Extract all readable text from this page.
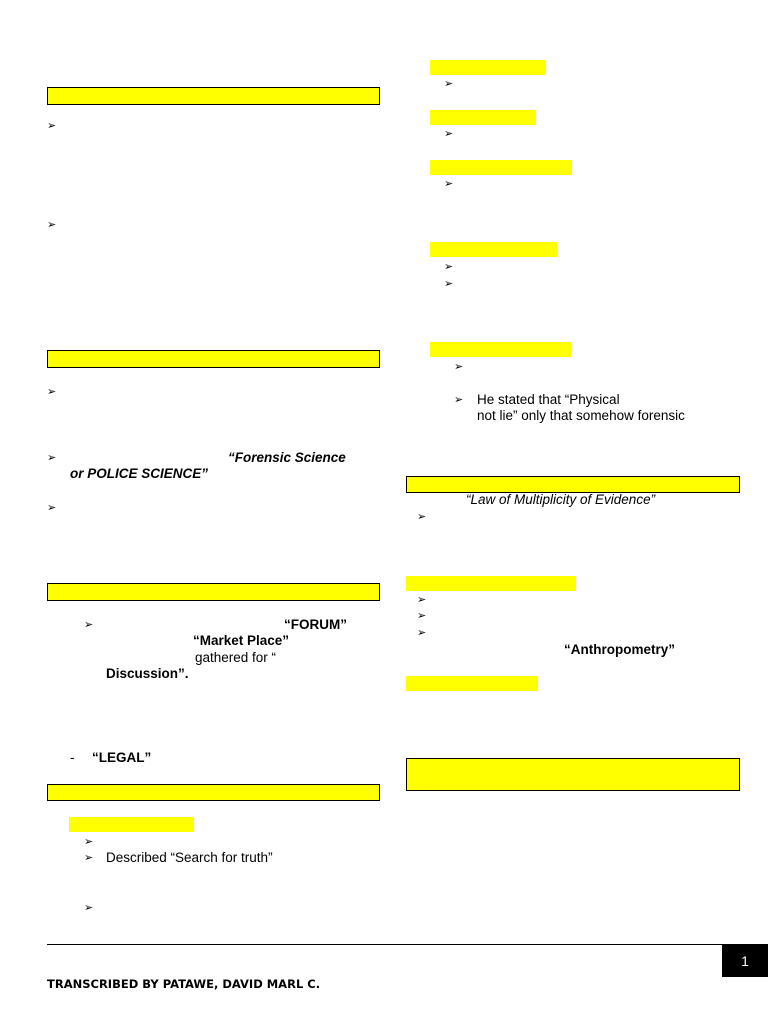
➢
➢
➢
➢	“Forensic Science
or POLICE SCIENCE”
➢
➢	“FORUM”
“Market Place”
gathered for “
Discussion”.
- “LEGAL”
➢
➢ Described “Search for truth”
➢
➢
➢
➢
➢
➢
➢
➢ He stated that “Physical
not lie” only that somehow forensic
“Law of Multiplicity of Evidence”
➢
➢
➢
➢
“Anthropometry”
1
TRANSCRIBED BY PATAWE, DAVID MARL C.
